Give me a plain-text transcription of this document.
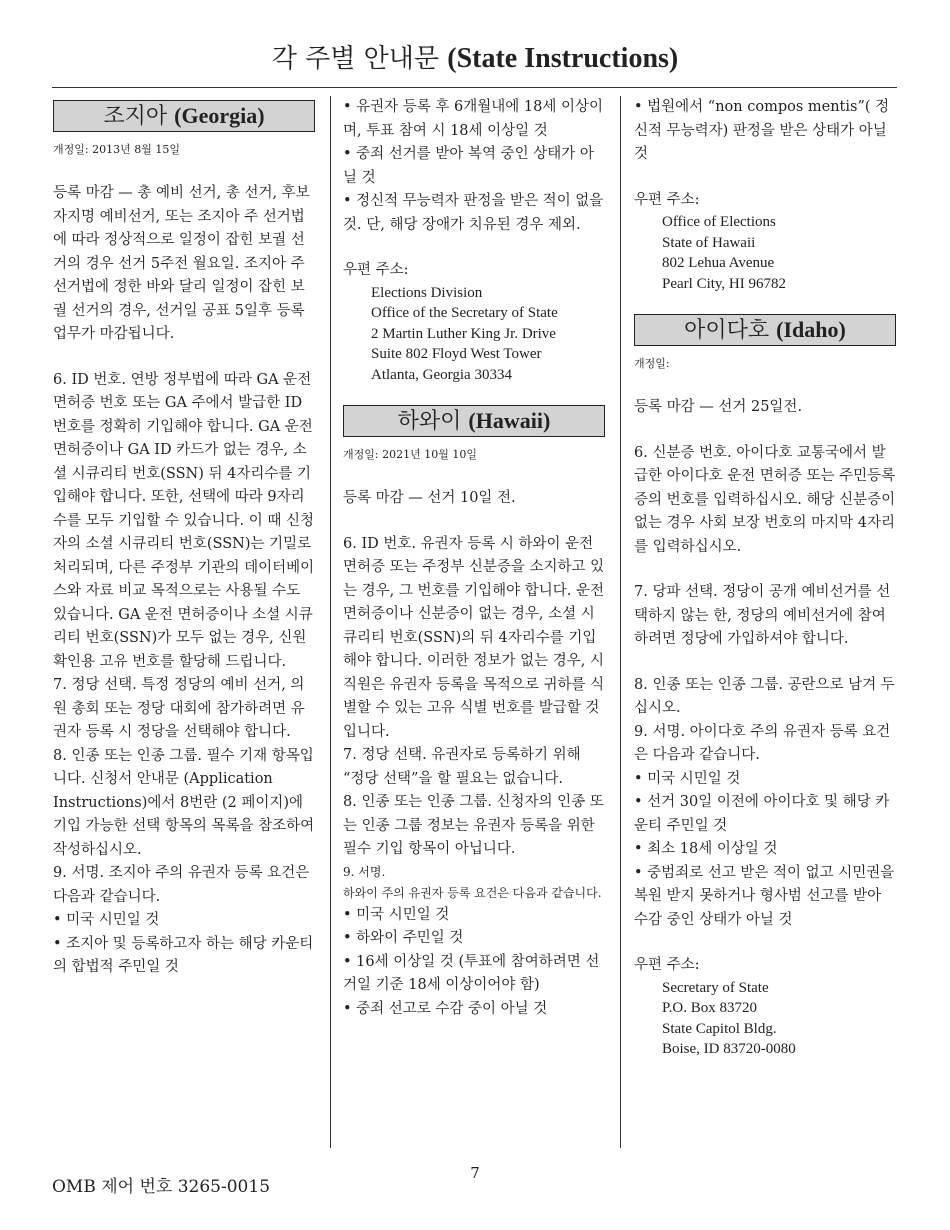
각 주별 안내문 (State Instructions)
조지아 (Georgia)
개정일: 2013년 8월 15일

등록 마감 — 총 예비 선거, 총 선거, 후보자지명 예비선거, 또는 조지아 주 선거법에 따라 정상적으로 일정이 잡힌 보궐 선거의 경우 선거 5주전 월요일. 조지아 주 선거법에 정한 바와 달리 일정이 잡힌 보궐 선거의 경우, 선거일 공표 5일후 등록 업무가 마감됩니다.

6. ID 번호. 연방 정부법에 따라 GA 운전 면허증 번호 또는 GA 주에서 발급한 ID 번호를 정확히 기입해야 합니다. GA 운전 면허증이나 GA ID 카드가 없는 경우, 소셜 시큐리티 번호(SSN) 뒤 4자리수를 기입해야 합니다. 또한, 선택에 따라 9자리 수를 모두 기입할 수 있습니다. 이 때 신청자의 소셜 시큐리티 번호(SSN)는 기밀로 처리되며, 다른 주정부 기관의 데이터베이스와 자료 비교 목적으로는 사용될 수도 있습니다. GA 운전 면허증이나 소셜 시큐리티 번호(SSN)가 모두 없는 경우, 신원 확인용 고유 번호를 할당해 드립니다.

7. 정당 선택. 특정 정당의 예비 선거, 의원 총회 또는 정당 대회에 참가하려면 유권자 등록 시 정당을 선택해야 합니다.

8. 인종 또는 인종 그룹. 필수 기재 항목입니다. 신청서 안내문 (Application Instructions)에서 8번란 (2 페이지)에 기입 가능한 선택 항목의 목록을 참조하여 작성하십시오.

9. 서명. 조지아 주의 유권자 등록 요건은 다음과 같습니다.

• 미국 시민일 것

• 조지아 및 등록하고자 하는 해당 카운티의 합법적 주민일 것

• 유권자 등록 후 6개월내에 18세 이상이며, 투표 참여 시 18세 이상일 것

• 중죄 선거를 받아 복역 중인 상태가 아닐 것

• 정신적 무능력자 판정을 받은 적이 없을 것. 단, 해당 장애가 치유된 경우 제외.

우편 주소:

Elections Division

Office of the Secretary of State

2 Martin Luther King Jr. Drive

Suite 802 Floyd West Tower

Atlanta, Georgia 30334

하와이 (Hawaii)
개정일: 2021년 10월 10일

등록 마감 — 선거 10일 전.

6. ID 번호. 유권자 등록 시 하와이 운전면허증 또는 주정부 신분증을 소지하고 있는 경우, 그 번호를 기입해야 합니다. 운전면허증이나 신분증이 없는 경우, 소셜 시큐리티 번호(SSN)의 뒤 4자리수를 기입해야 합니다. 이러한 정보가 없는 경우, 시 직원은 유권자 등록을 목적으로 귀하를 식별할 수 있는 고유 식별 번호를 발급할 것입니다.

7. 정당 선택. 유권자로 등록하기 위해 “정당 선택”을 할 필요는 없습니다.

8. 인종 또는 인종 그룹. 신청자의 인종 또는 인종 그룹 정보는 유권자 등록을 위한 필수 기입 항목이 아닙니다.

9. 서명.

하와이 주의 유권자 등록 요건은 다음과 같습니다.

• 미국 시민일 것

• 하와이 주민일 것

• 16세 이상일 것 (투표에 참여하려면 선거일 기준 18세 이상이어야 함)

• 중죄 선고로 수감 중이 아닐 것

• 법원에서 “non compos mentis”( 정신적 무능력자) 판정을 받은 상태가 아닐 것

우편 주소:

Office of Elections

State of Hawaii

802 Lehua Avenue

Pearl City, HI 96782

아이다호 (Idaho)
개정일:

등록 마감 — 선거 25일전.

6. 신분증 번호. 아이다호 교통국에서 발급한 아이다호 운전 면허증 또는 주민등록증의 번호를 입력하십시오. 해당 신분증이 없는 경우 사회 보장 번호의 마지막 4자리를 입력하십시오.

7. 당파 선택. 정당이 공개 예비선거를 선택하지 않는 한, 정당의 예비선거에 참여하려면 정당에 가입하셔야 합니다.

8. 인종 또는 인종 그룹. 공란으로 남겨 두십시오.

9. 서명. 아이다호 주의 유권자 등록 요건은 다음과 같습니다.

• 미국 시민일 것

• 선거 30일 이전에 아이다호 및 해당 카운티 주민일 것

• 최소 18세 이상일 것

• 중범죄로 선고 받은 적이 없고 시민권을 복원 받지 못하거나 형사범 선고를 받아 수감 중인 상태가 아닐 것

우편 주소:

Secretary of State

P.O. Box 83720

State Capitol Bldg.

Boise, ID 83720-0080

OMB 제어 번호 3265-0015
7
